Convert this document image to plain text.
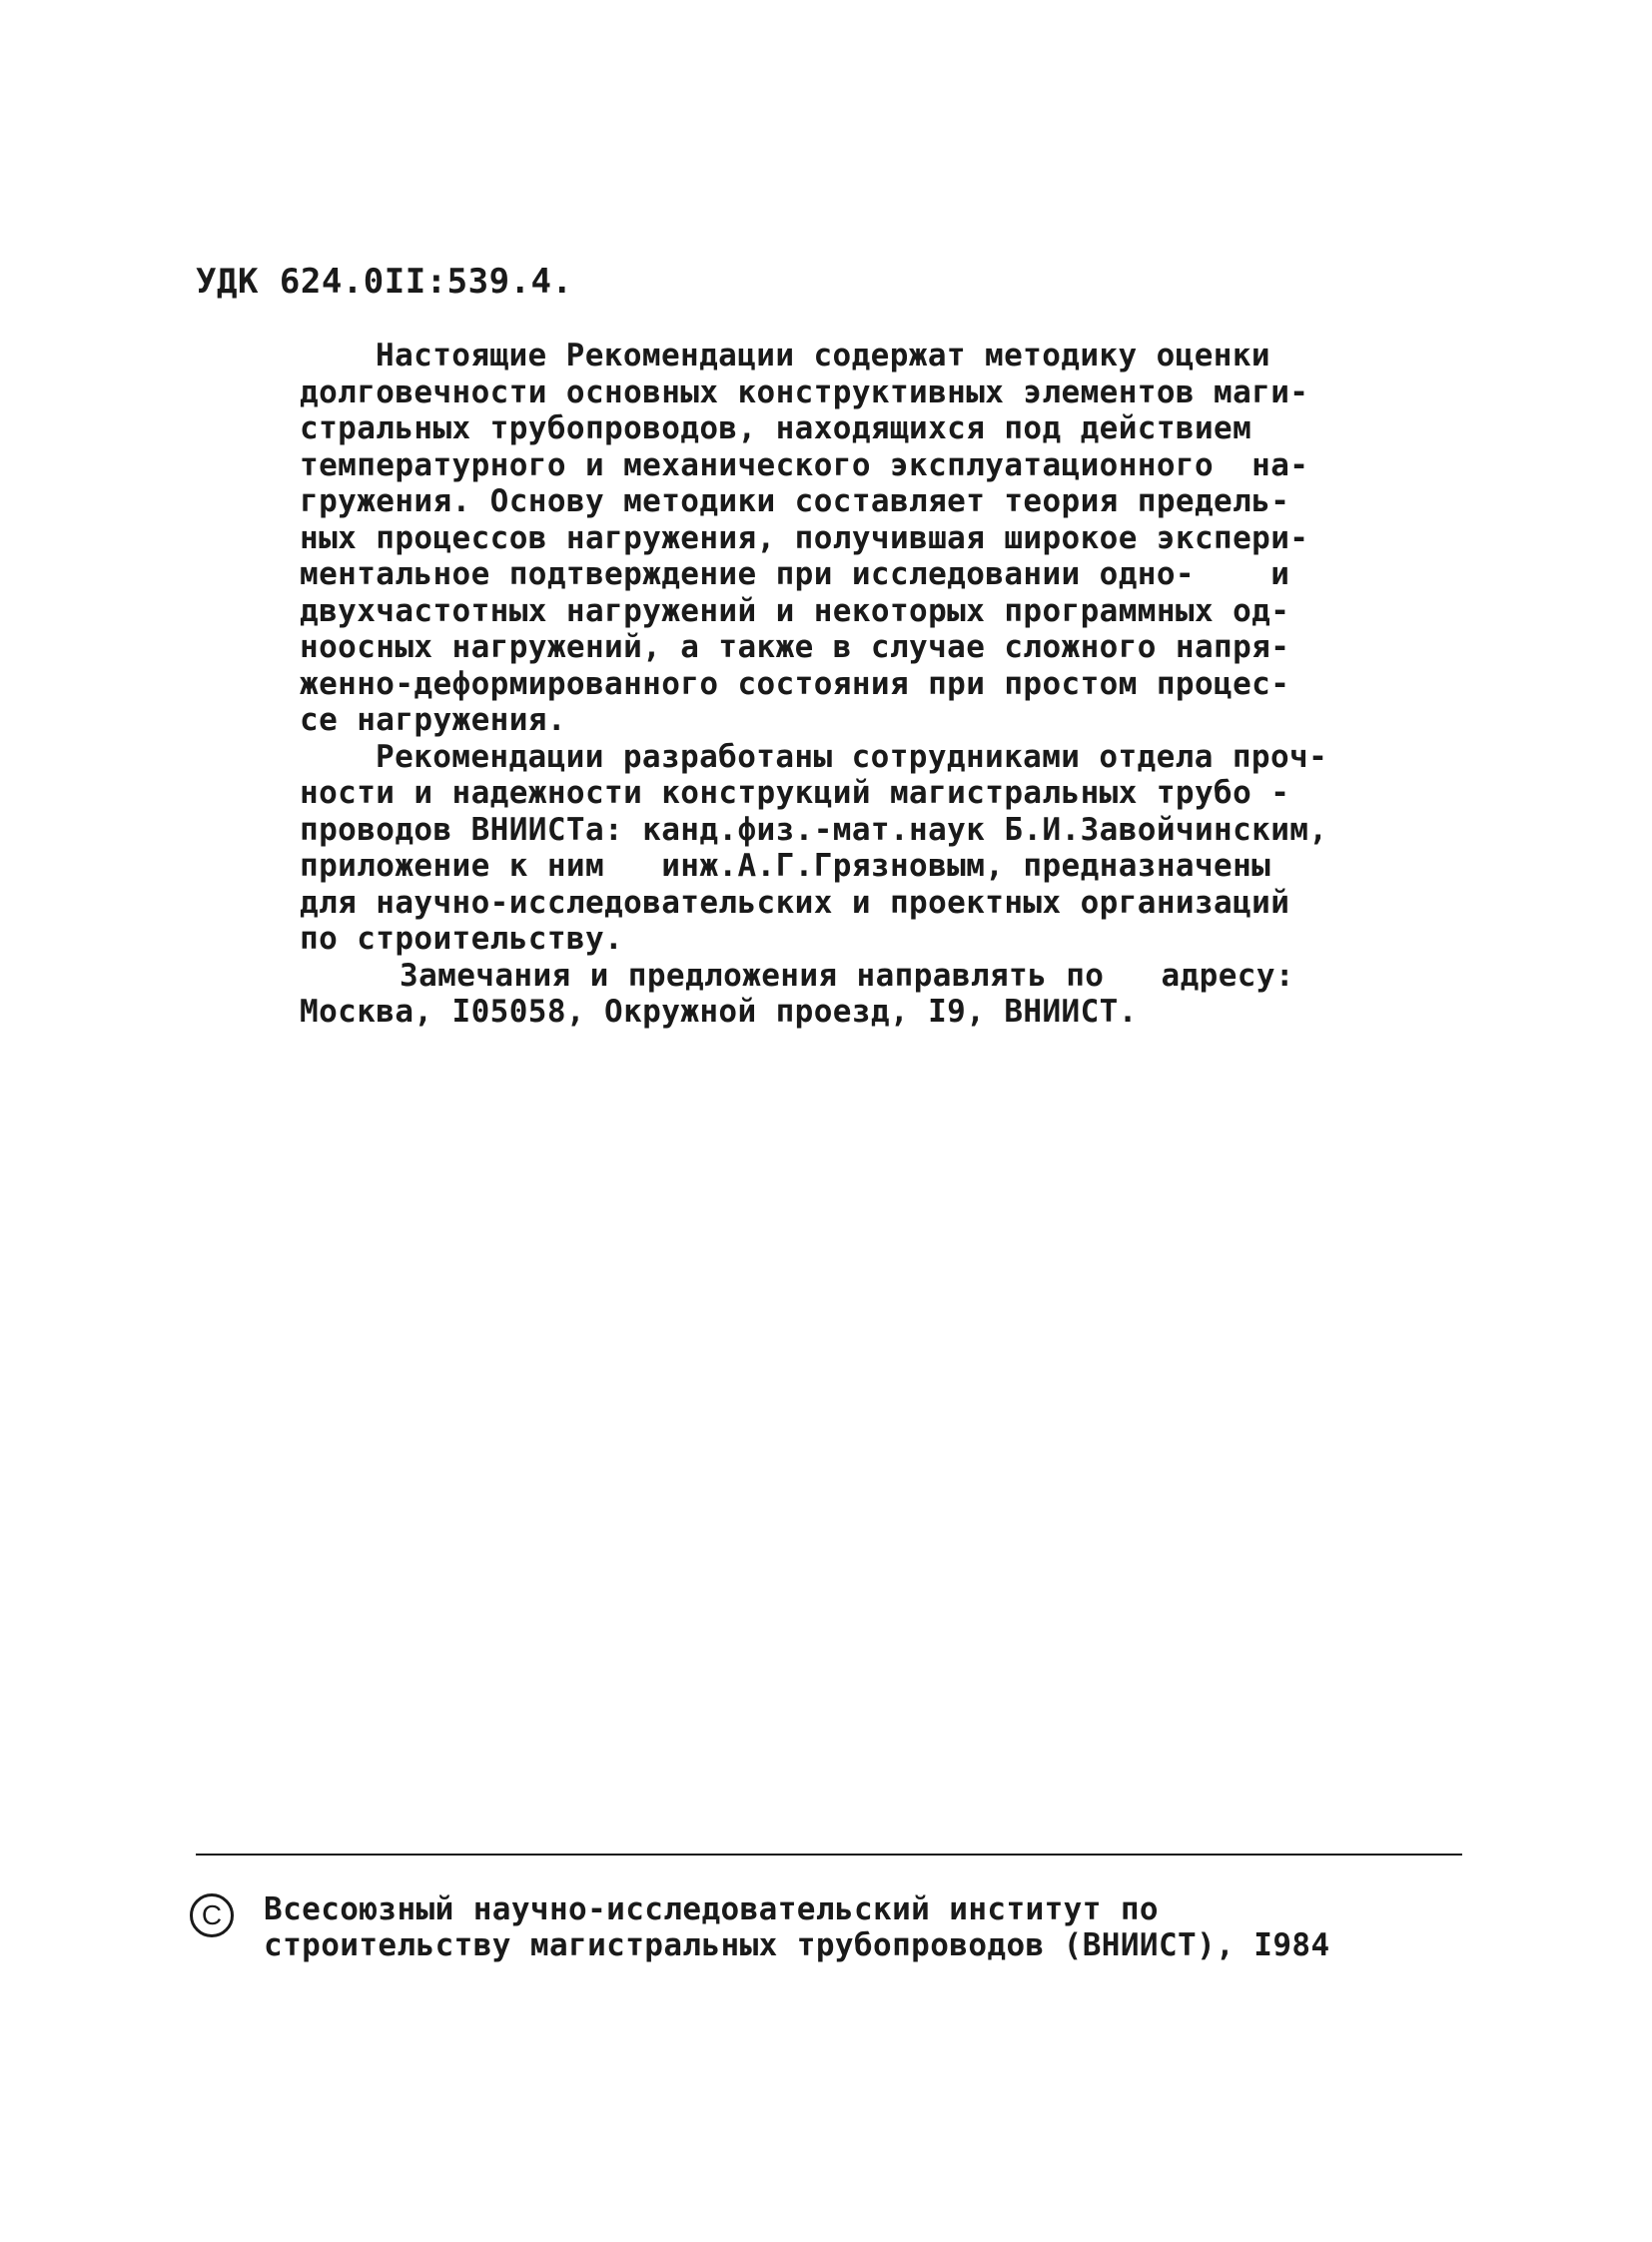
УДК 624.0II:539.4.
Настоящие Рекомендации содержат методику оценки
долговечности основных конструктивных элементов маги-
стральных трубопроводов, находящихся под действием
температурного и механического эксплуатационного  на-
гружения. Основу методики составляет теория предель-
ных процессов нагружения, получившая широкое экспери-
ментальное подтверждение при исследовании одно-    и
двухчастотных нагружений и некоторых программных од-
ноосных нагружений, а также в случае сложного напря-
женно-деформированного состояния при простом процес-
се нагружения.
Рекомендации разработаны сотрудниками отдела проч-
ности и надежности конструкций магистральных трубо -
проводов ВНИИСТа: канд.физ.-мат.наук Б.И.Завойчинским,
приложение к ним   инж.А.Г.Грязновым, предназначены
для научно-исследовательских и проектных организаций
по строительству.
Замечания и предложения направлять по   адресу:
Москва, I05058, Окружной проезд, I9, ВНИИСТ.
C	Всесоюзный научно-исследовательский институт по
строительству магистральных трубопроводов (ВНИИСТ), I984
